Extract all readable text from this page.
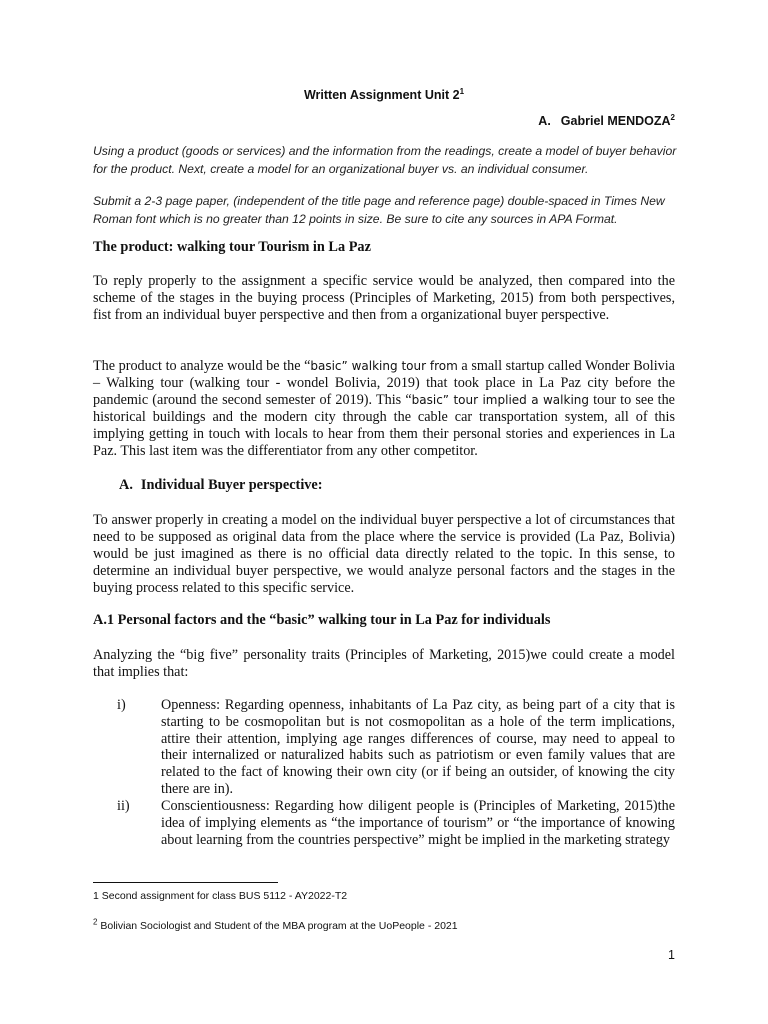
Written Assignment Unit $2^1$
A. Gabriel MENDOZA$^2$
Using a product (goods or services) and the information from the readings, create a model of buyer behavior for the product. Next, create a model for an organizational buyer vs. an individual consumer.
Submit a 2-3 page paper, (independent of the title page and reference page) double-spaced in Times New Roman font which is no greater than 12 points in size. Be sure to cite any sources in APA Format.
The product: walking tour Tourism in La Paz
To reply properly to the assignment a specific service would be analyzed, then compared into the scheme of the stages in the buying process (Principles of Marketing, 2015) from both perspectives, fist from an individual buyer perspective and then from a organizational buyer perspective.
The product to analyze would be the “basic” walking tour from a small startup called Wonder Bolivia – Walking tour (walking tour - wondel Bolivia, 2019) that took place in La Paz city before the pandemic (around the second semester of 2019). This “basic” tour implied a walking tour to see the historical buildings and the modern city through the cable car transportation system, all of this implying getting in touch with locals to hear from them their personal stories and experiences in La Paz. This last item was the differentiator from any other competitor.
A. Individual Buyer perspective:
To answer properly in creating a model on the individual buyer perspective a lot of circumstances that need to be supposed as original data from the place where the service is provided (La Paz, Bolivia) would be just imagined as there is no official data directly related to the topic. In this sense, to determine an individual buyer perspective, we would analyze personal factors and the stages in the buying process related to this specific service.
A.1 Personal factors and the “basic” walking tour in La Paz for individuals
Analyzing the “big five” personality traits (Principles of Marketing, 2015)we could create a model that implies that:
i) Openness: Regarding openness, inhabitants of La Paz city, as being part of a city that is starting to be cosmopolitan but is not cosmopolitan as a hole of the term implications, attire their attention, implying age ranges differences of course, may need to appeal to their internalized or naturalized habits such as patriotism or even family values that are related to the fact of knowing their own city (or if being an outsider, of knowing the city there are in).
ii) Conscientiousness: Regarding how diligent people is (Principles of Marketing, 2015)the idea of implying elements as “the importance of tourism” or “the importance of knowing about learning from the countries perspective” might be implied in the marketing strategy
1 Second assignment for class BUS 5112 - AY2022-T2
$^2$ Bolivian Sociologist and Student of the MBA program at the UoPeople - 2021
1
